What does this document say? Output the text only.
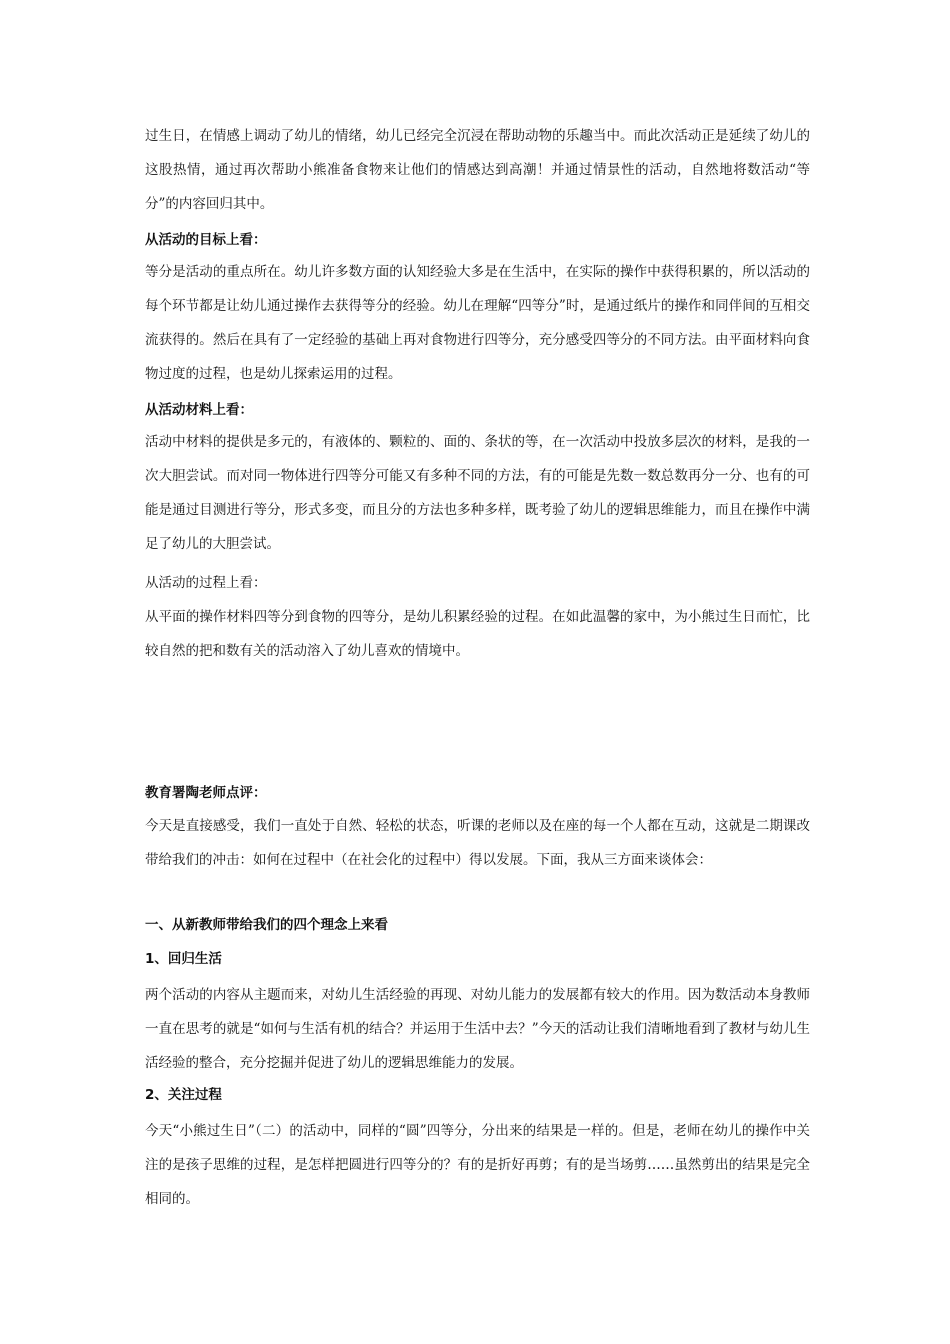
过生日，在情感上调动了幼儿的情绪，幼儿已经完全沉浸在帮助动物的乐趣当中。而此次活动正是延续了幼儿的这股热情，通过再次帮助小熊准备食物来让他们的情感达到高潮！并通过情景性的活动，自然地将数活动“等分”的内容回归其中。

从活动的目标上看：

等分是活动的重点所在。幼儿许多数方面的认知经验大多是在生活中，在实际的操作中获得积累的，所以活动的每个环节都是让幼儿通过操作去获得等分的经验。幼儿在理解“四等分”时，是通过纸片的操作和同伴间的互相交流获得的。然后在具有了一定经验的基础上再对食物进行四等分，充分感受四等分的不同方法。由平面材料向食物过度的过程，也是幼儿探索运用的过程。

从活动材料上看：

活动中材料的提供是多元的，有液体的、颗粒的、面的、条状的等，在一次活动中投放多层次的材料，是我的一次大胆尝试。而对同一物体进行四等分可能又有多种不同的方法，有的可能是先数一数总数再分一分、也有的可能是通过目测进行等分，形式多变，而且分的方法也多种多样，既考验了幼儿的逻辑思维能力，而且在操作中满足了幼儿的大胆尝试。

从活动的过程上看：

从平面的操作材料四等分到食物的四等分，是幼儿积累经验的过程。在如此温馨的家中，为小熊过生日而忙，比较自然的把和数有关的活动溶入了幼儿喜欢的情境中。

教育署陶老师点评：

今天是直接感受，我们一直处于自然、轻松的状态，听课的老师以及在座的每一个人都在互动，这就是二期课改带给我们的冲击：如何在过程中（在社会化的过程中）得以发展。下面，我从三方面来谈体会：

一、从新教师带给我们的四个理念上来看

1、回归生活

两个活动的内容从主题而来，对幼儿生活经验的再现、对幼儿能力的发展都有较大的作用。因为数活动本身教师一直在思考的就是“如何与生活有机的结合？并运用于生活中去？”今天的活动让我们清晰地看到了教材与幼儿生活经验的整合，充分挖掘并促进了幼儿的逻辑思维能力的发展。

2、关注过程

今天“小熊过生日”（二）的活动中，同样的“圆”四等分，分出来的结果是一样的。但是，老师在幼儿的操作中关注的是孩子思维的过程，是怎样把圆进行四等分的？有的是折好再剪；有的是当场剪……虽然剪出的结果是完全相同的。
